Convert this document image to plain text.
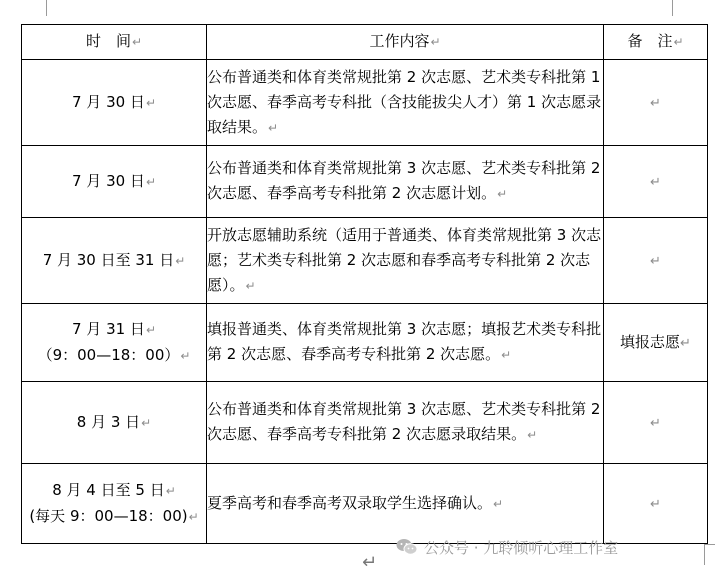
时　间↵	工作内容↵	备　注↵
7 月 30 日↵	公布普通类和体育类常规批第 2 次志愿、艺术类专科批第 1 次志愿、春季高考专科批（含技能拔尖人才）第 1 次志愿录取结果。↵	↵
7 月 30 日↵	公布普通类和体育类常规批第 3 次志愿、艺术类专科批第 2 次志愿、春季高考专科批第 2 次志愿计划。↵	↵
7 月 30 日至 31 日↵	开放志愿辅助系统（适用于普通类、体育类常规批第 3 次志愿；艺术类专科批第 2 次志愿和春季高考专科批第 2 次志愿）。↵	↵
7 月 31 日↵
（9：00—18：00）↵	填报普通类、体育类常规批第 3 次志愿；填报艺术类专科批第 2 次志愿、春季高考专科批第 2 次志愿。↵	填报志愿↵
8 月 3 日↵	公布普通类和体育类常规批第 3 次志愿、艺术类专科批第 2 次志愿、春季高考专科批第 2 次志愿录取结果。↵	↵
8 月 4 日至 5 日↵
(每天 9：00—18：00)↵	夏季高考和春季高考双录取学生选择确认。↵	↵
公众号 · 九聆倾听心理工作室
↵
